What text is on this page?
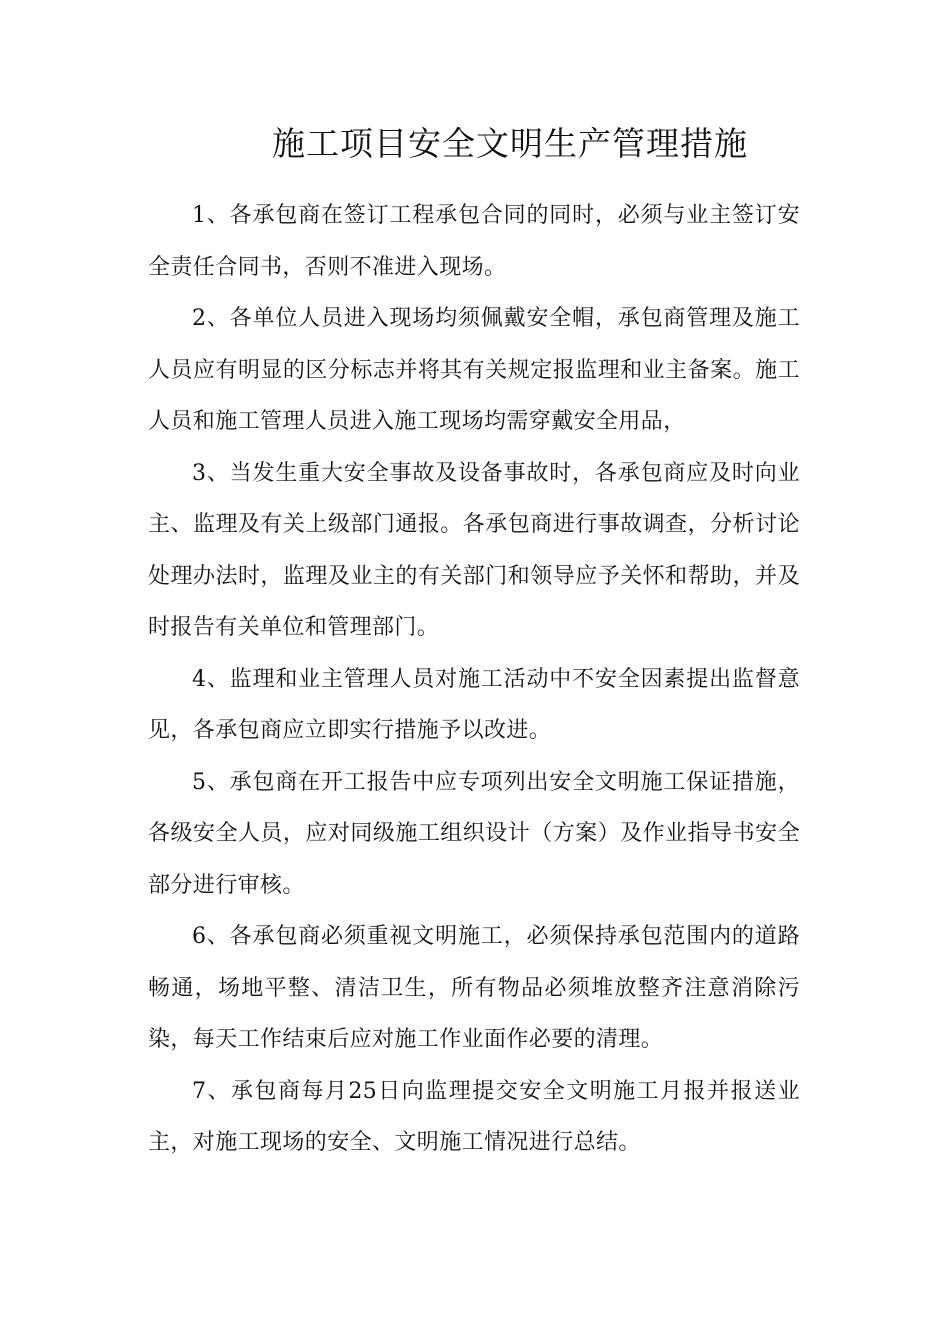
施工项目安全文明生产管理措施

1、各承包商在签订工程承包合同的同时，必须与业主签订安全责任合同书，否则不准进入现场。

2、各单位人员进入现场均须佩戴安全帽，承包商管理及施工人员应有明显的区分标志并将其有关规定报监理和业主备案。施工人员和施工管理人员进入施工现场均需穿戴安全用品，

3、当发生重大安全事故及设备事故时，各承包商应及时向业主、监理及有关上级部门通报。各承包商进行事故调查，分析讨论处理办法时，监理及业主的有关部门和领导应予关怀和帮助，并及时报告有关单位和管理部门。

4、监理和业主管理人员对施工活动中不安全因素提出监督意见，各承包商应立即实行措施予以改进。

5、承包商在开工报告中应专项列出安全文明施工保证措施，各级安全人员，应对同级施工组织设计（方案）及作业指导书安全部分进行审核。

6、各承包商必须重视文明施工，必须保持承包范围内的道路畅通，场地平整、清洁卫生，所有物品必须堆放整齐注意消除污染，每天工作结束后应对施工作业面作必要的清理。

7、承包商每月25日向监理提交安全文明施工月报并报送业主，对施工现场的安全、文明施工情况进行总结。
